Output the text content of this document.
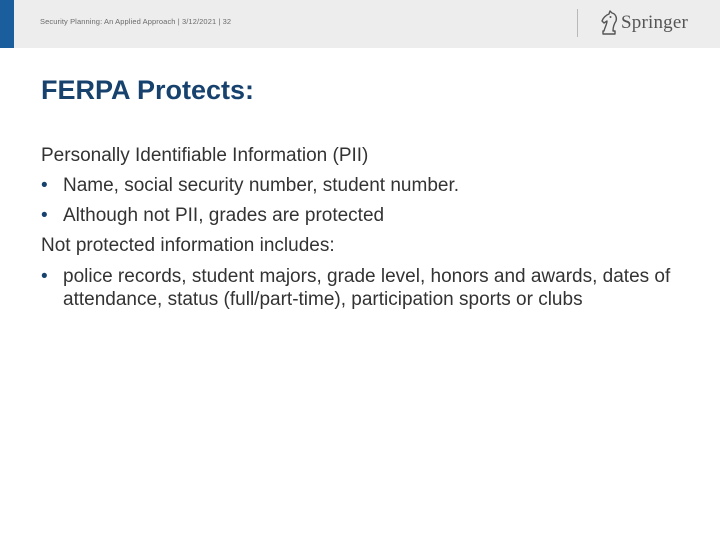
Security Planning: An Applied Approach | 3/12/2021 | 32	Springer
FERPA Protects:
Personally Identifiable Information (PII)
• Name, social security number, student number.
• Although not PII, grades are protected
Not protected information includes:
• police records, student majors, grade level, honors and awards, dates of attendance, status (full/part-time), participation sports or clubs
